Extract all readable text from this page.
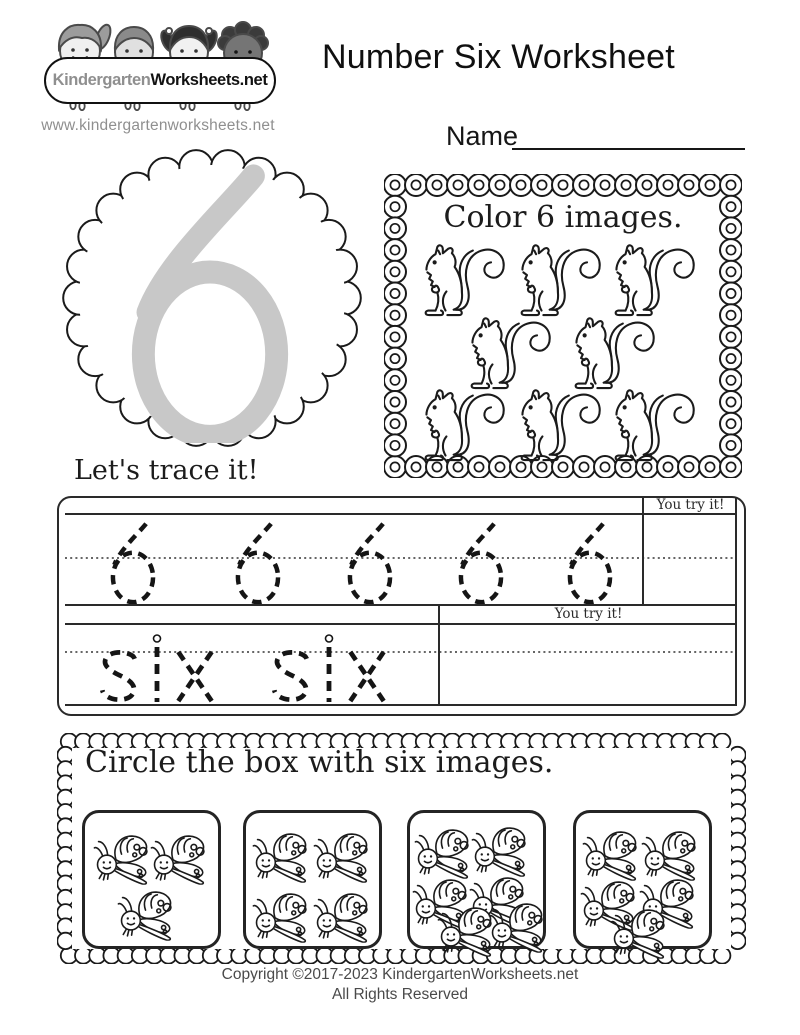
Kindergarten Worksheets.net
www.kindergartenworksheets.net
Number Six Worksheet
Name
Color 6 images.
Let's trace it!
You try it!
You try it!
Circle the box with six images.
Copyright ©2017-2023 KindergartenWorksheets.net
All Rights Reserved
